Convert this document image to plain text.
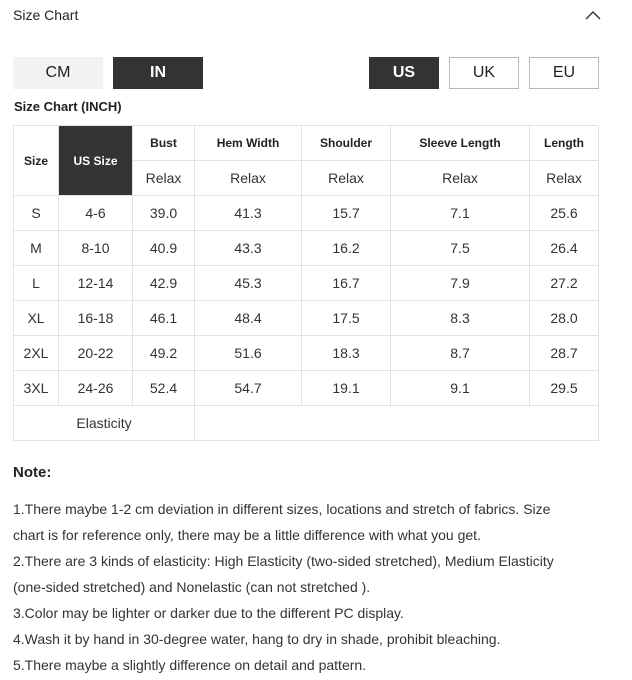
Size Chart
CM	IN	US	UK	EU
Size Chart (INCH)
Size	US Size	Bust	Hem Width	Shoulder	Sleeve Length	Length
		Relax	Relax	Relax	Relax	Relax
S	4-6	39.0	41.3	15.7	7.1	25.6
M	8-10	40.9	43.3	16.2	7.5	26.4
L	12-14	42.9	45.3	16.7	7.9	27.2
XL	16-18	46.1	48.4	17.5	8.3	28.0
2XL	20-22	49.2	51.6	18.3	8.7	28.7
3XL	24-26	52.4	54.7	19.1	9.1	29.5
Elasticity						
Note:
1.There maybe 1-2 cm deviation in different sizes, locations and stretch of fabrics. Size
chart is for reference only, there may be a little difference with what you get.
2.There are 3 kinds of elasticity: High Elasticity (two-sided stretched), Medium Elasticity
(one-sided stretched) and Nonelastic (can not stretched ).
3.Color may be lighter or darker due to the different PC display.
4.Wash it by hand in 30-degree water, hang to dry in shade, prohibit bleaching.
5.There maybe a slightly difference on detail and pattern.
